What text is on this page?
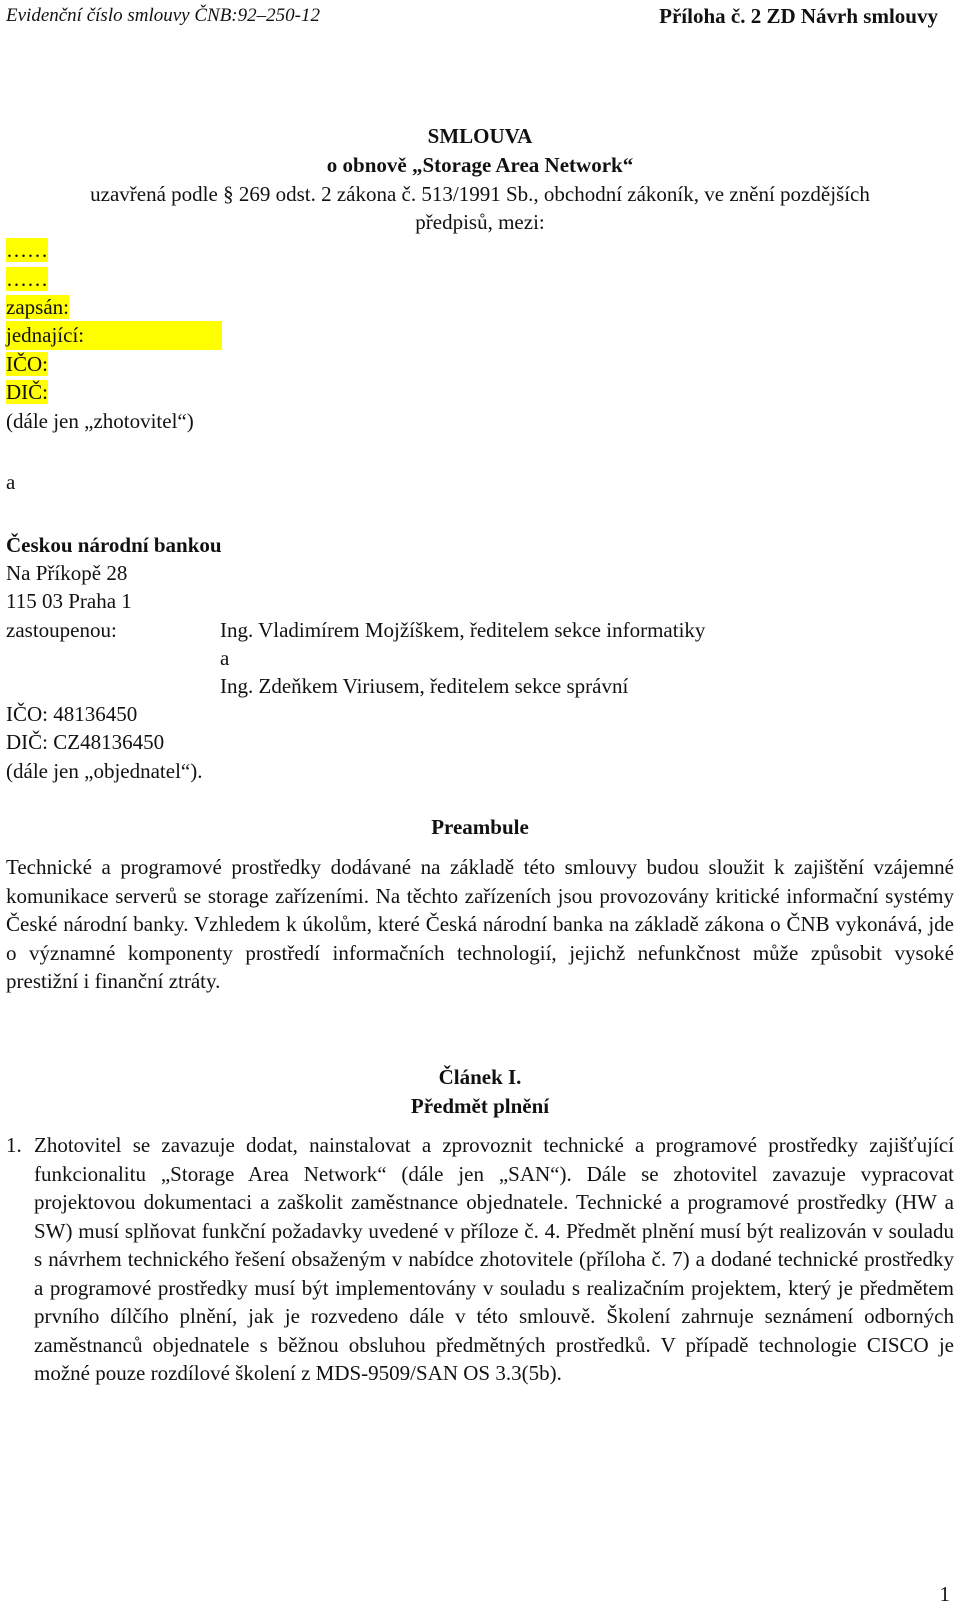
Evidenční číslo smlouvy ČNB:92–250-12	Příloha č. 2 ZD Návrh smlouvy
SMLOUVA
o obnově „Storage Area Network“
uzavřená podle § 269 odst. 2 zákona č. 513/1991 Sb., obchodní zákoník, ve znění pozdějších
předpisů, mezi:
……
……
zapsán:
jednající:
IČO:
DIČ:
(dále jen „zhotovitel“)
a
Českou národní bankou
Na Příkopě 28
115 03 Praha 1
zastoupenou:	Ing. Vladimírem Mojžíškem, ředitelem sekce informatiky
a
Ing. Zdeňkem Viriusem, ředitelem sekce správní
IČO: 48136450
DIČ: CZ48136450
(dále jen „objednatel“).
Preambule

Technické a programové prostředky dodávané na základě této smlouvy budou sloužit k zajištění vzájemné komunikace serverů se storage zařízeními. Na těchto zařízeních jsou provozovány kritické informační systémy České národní banky. Vzhledem k úkolům, které Česká národní banka na základě zákona o ČNB vykonává, jde o významné komponenty prostředí informačních technologií, jejichž nefunkčnost může způsobit vysoké prestižní i finanční ztráty.

Článek I.
Předmět plnění
1. Zhotovitel se zavazuje dodat, nainstalovat a zprovoznit technické a programové prostředky zajišťující funkcionalitu „Storage Area Network“ (dále jen „SAN“). Dále se zhotovitel zavazuje vypracovat projektovou dokumentaci a zaškolit zaměstnance objednatele. Technické a programové prostředky (HW a SW) musí splňovat funkční požadavky uvedené v příloze č. 4. Předmět plnění musí být realizován v souladu s návrhem technického řešení obsaženým v nabídce zhotovitele (příloha č. 7) a dodané technické prostředky a programové prostředky musí být implementovány v souladu s realizačním projektem, který je předmětem prvního dílčího plnění, jak je rozvedeno dále v této smlouvě. Školení zahrnuje seznámení odborných zaměstnanců objednatele s běžnou obsluhou předmětných prostředků. V případě technologie CISCO je možné pouze rozdílové školení z MDS-9509/SAN OS 3.3(5b).
1
